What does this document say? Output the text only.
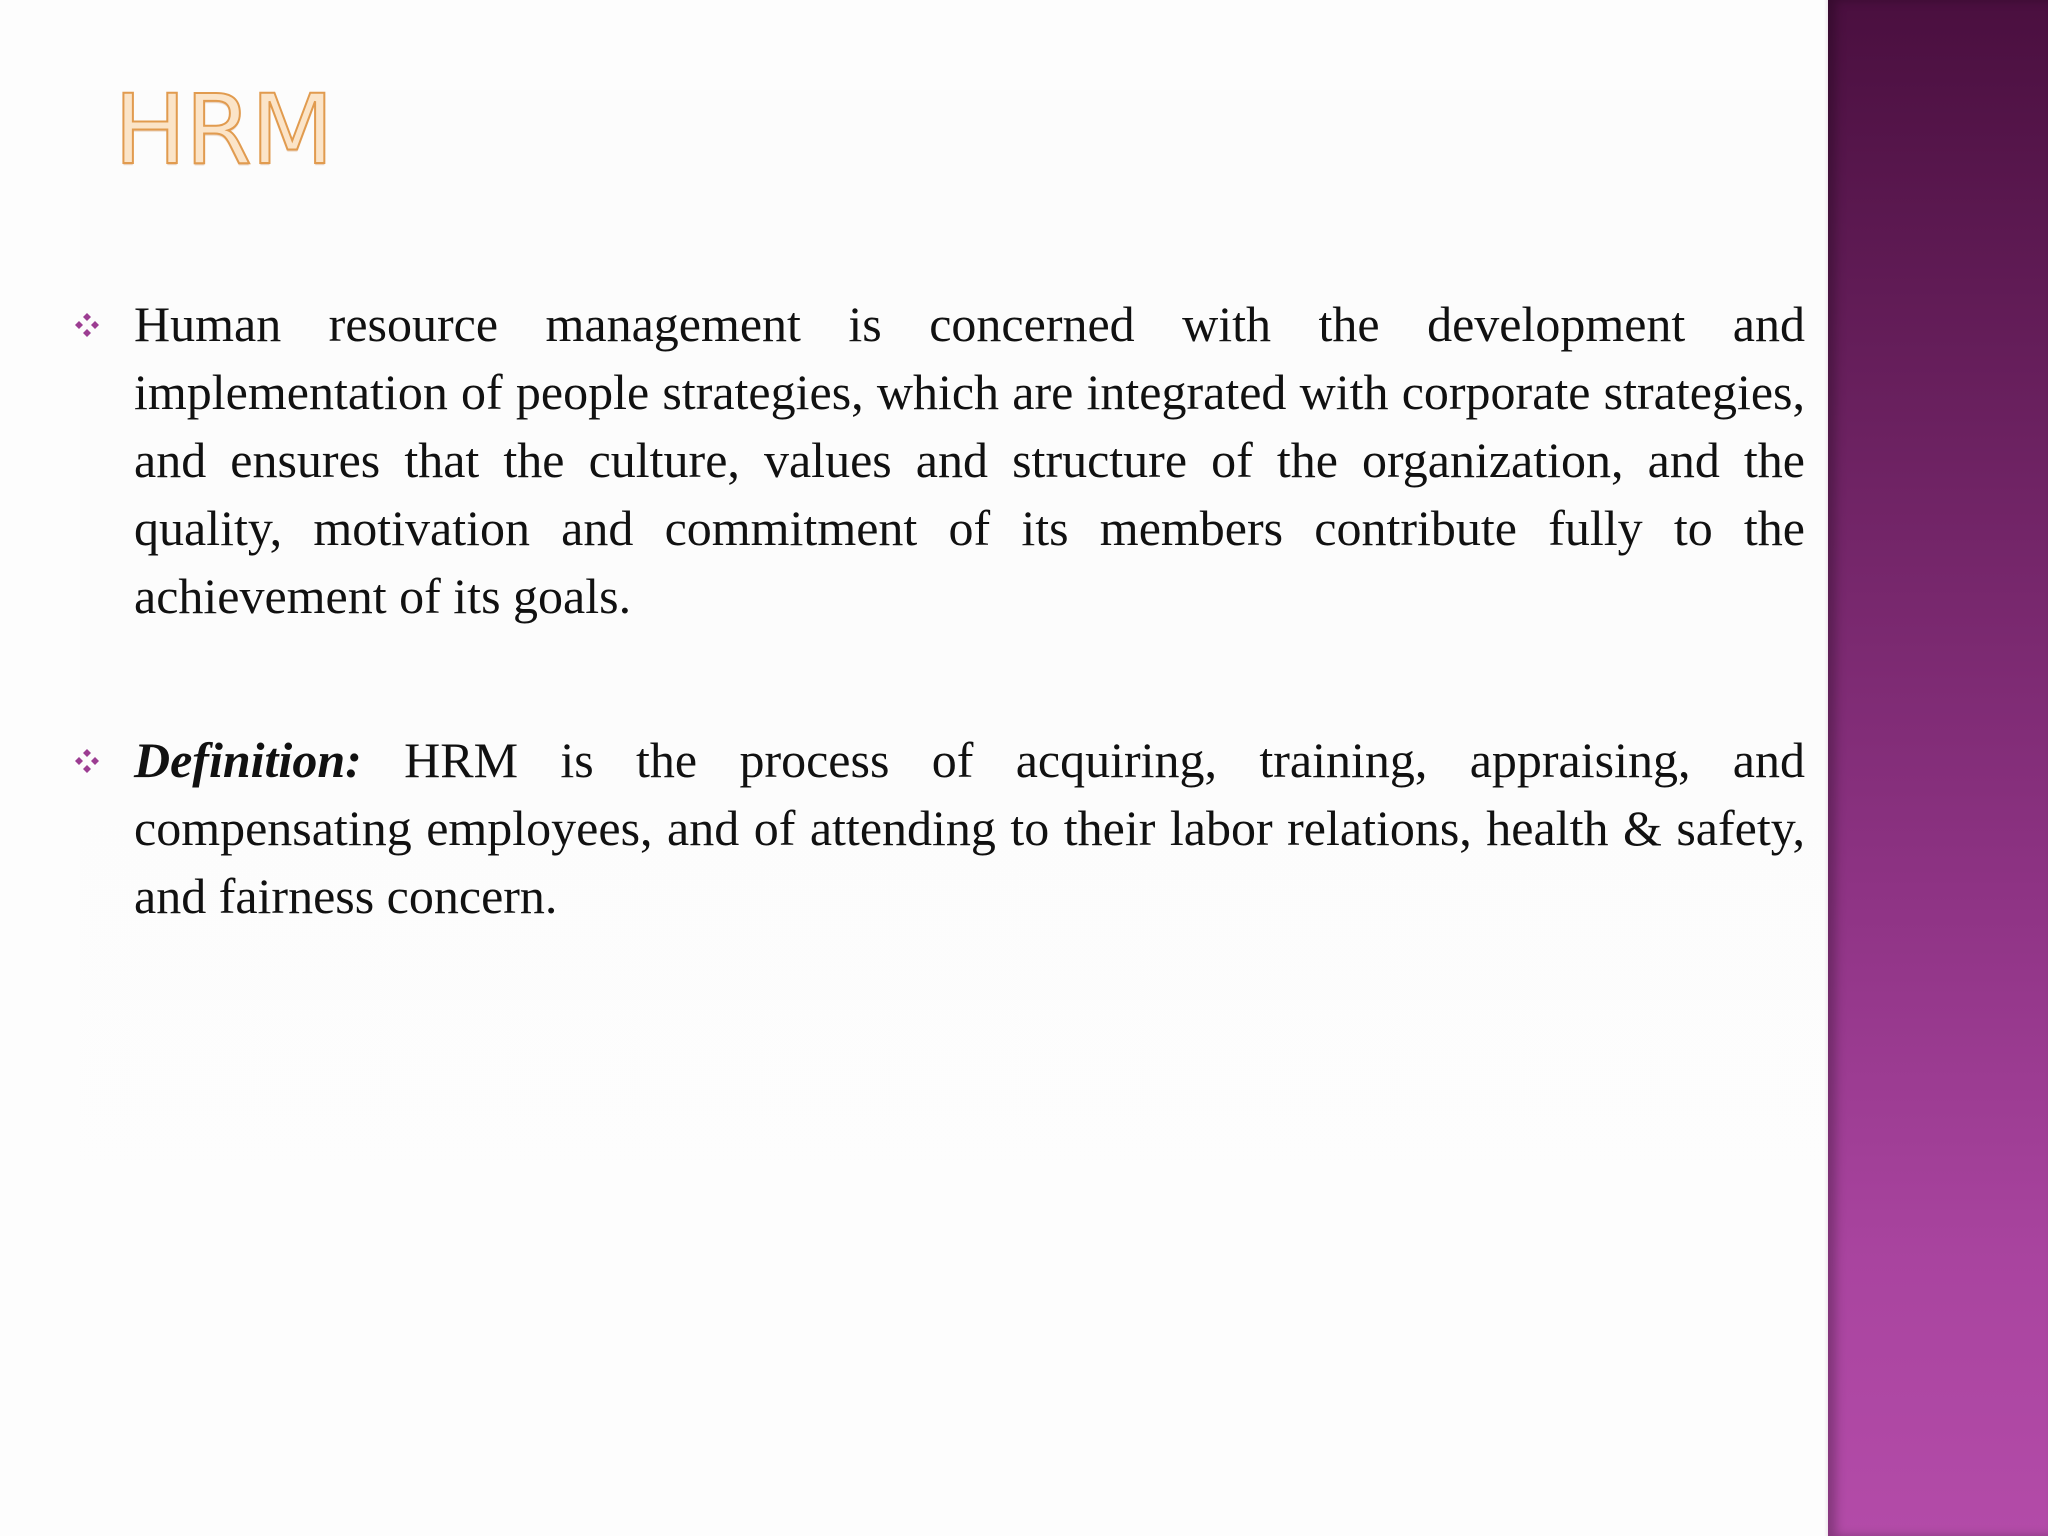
HRM
Human resource management is concerned with the development and implementation of people strategies, which are integrated with corporate strategies, and ensures that the culture, values and structure of the organization, and the quality, motivation and commitment of its members contribute fully to the achievement of its goals.
Definition: HRM is the process of acquiring, training, appraising, and compensating employees, and of attending to their labor relations, health & safety, and fairness concern.
